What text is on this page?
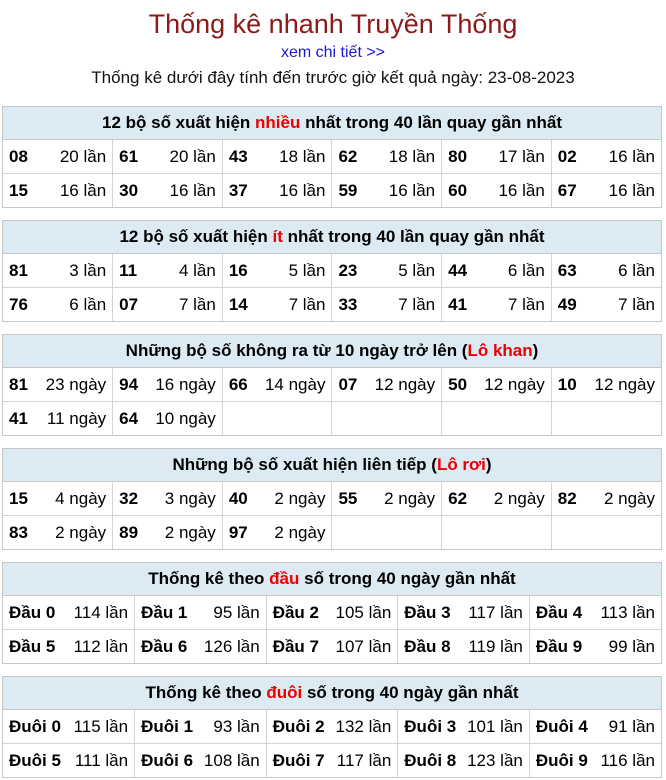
Thống kê nhanh Truyền Thống
xem chi tiết >>
Thống kê dưới đây tính đến trước giờ kết quả ngày: 23-08-2023
12 bộ số xuất hiện nhiều nhất trong 40 lần quay gần nhất
08 20 lần	61 20 lần	43 18 lần	62 18 lần	80 17 lần	02 16 lần

15 16 lần	30 16 lần	37 16 lần	59 16 lần	60 16 lần	67 16 lần
12 bộ số xuất hiện ít nhất trong 40 lần quay gần nhất
81 3 lần	11 4 lần	16 5 lần	23 5 lần	44 6 lần	63 6 lần

76 6 lần	07 7 lần	14 7 lần	33 7 lần	41 7 lần	49 7 lần
Những bộ số không ra từ 10 ngày trở lên (Lô khan)
81 23 ngày	94 16 ngày	66 14 ngày	07 12 ngày	50 12 ngày	10 12 ngày

41 11 ngày	64 10 ngày				

Những bộ số xuất hiện liên tiếp (Lô rơi)
15 4 ngày	32 3 ngày	40 2 ngày	55 2 ngày	62 2 ngày	82 2 ngày

83 2 ngày	89 2 ngày	97 2 ngày			

Thống kê theo đầu số trong 40 ngày gần nhất
Đầu 0 114 lần	Đầu 1 95 lần	Đầu 2 105 lần	Đầu 3 117 lần	Đầu 4 113 lần

Đầu 5 112 lần	Đầu 6 126 lần	Đầu 7 107 lần	Đầu 8 119 lần	Đầu 9 99 lần
Thống kê theo đuôi số trong 40 ngày gần nhất
Đuôi 0 115 lần	Đuôi 1 93 lần	Đuôi 2 132 lần	Đuôi 3 101 lần	Đuôi 4 91 lần

Đuôi 5 111 lần	Đuôi 6 108 lần	Đuôi 7 117 lần	Đuôi 8 123 lần	Đuôi 9 116 lần
